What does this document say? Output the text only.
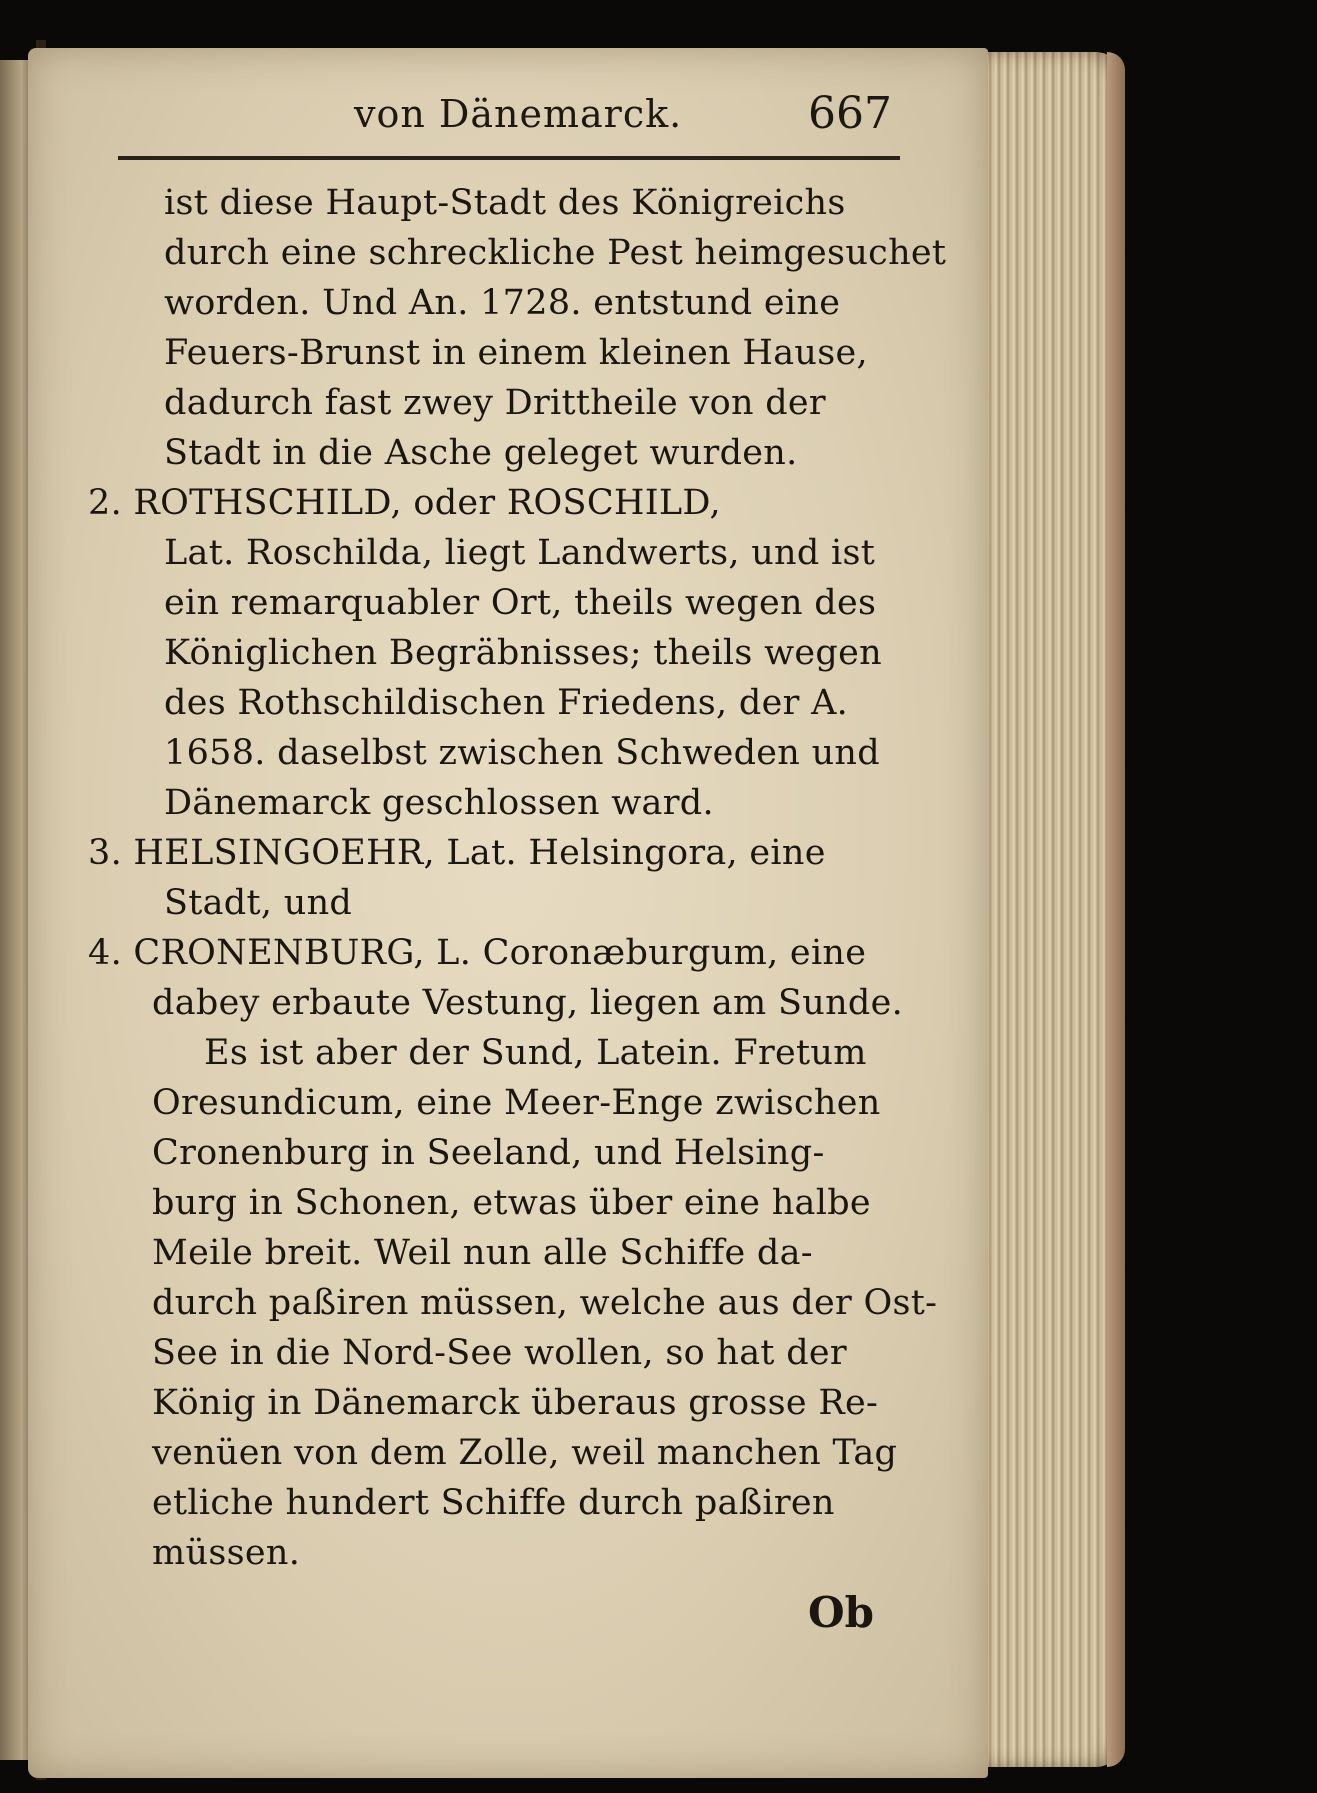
von Dänemarck.	667
ist diese Haupt-Stadt des Königreichs
durch eine schreckliche Pest heimgesuchet
worden. Und An. 1728. entstund eine
Feuers-Brunst in einem kleinen Hause,
dadurch fast zwey Drittheile von der
Stadt in die Asche geleget wurden.
2. ROTHSCHILD, oder ROSCHILD,
Lat. Roschilda, liegt Landwerts, und ist
ein remarquabler Ort, theils wegen des
Königlichen Begräbnisses; theils wegen
des Rothschildischen Friedens, der A.
1658. daselbst zwischen Schweden und
Dänemarck geschlossen ward.
3. HELSINGOEHR, Lat. Helsingora, eine
Stadt, und
4. CRONENBURG, L. Coronæburgum, eine
dabey erbaute Vestung, liegen am Sunde.
Es ist aber der Sund, Latein. Fretum
Oresundicum, eine Meer-Enge zwischen
Cronenburg in Seeland, und Helsing-
burg in Schonen, etwas über eine halbe
Meile breit. Weil nun alle Schiffe da-
durch paßiren müssen, welche aus der Ost-
See in die Nord-See wollen, so hat der
König in Dänemarck überaus grosse Re-
venüen von dem Zolle, weil manchen Tag
etliche hundert Schiffe durch paßiren
müssen.
Ob
